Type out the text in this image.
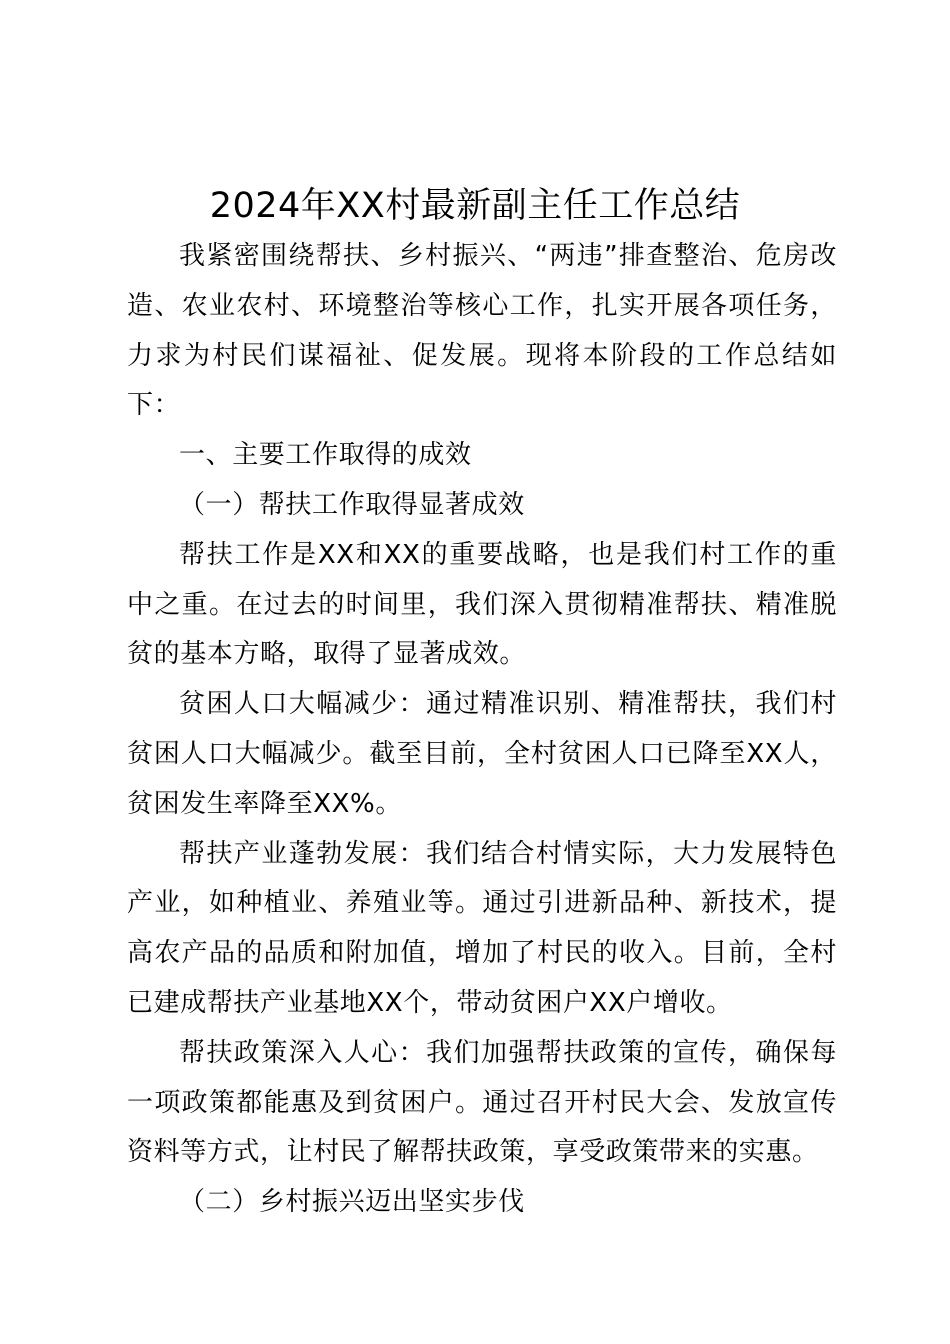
2024年XX村最新副主任工作总结

我紧密围绕帮扶、乡村振兴、“两违”排查整治、危房改造、农业农村、环境整治等核心工作，扎实开展各项任务，力求为村民们谋福祉、促发展。现将本阶段的工作总结如下：

一、主要工作取得的成效

（一）帮扶工作取得显著成效

帮扶工作是XX和XX的重要战略，也是我们村工作的重中之重。在过去的时间里，我们深入贯彻精准帮扶、精准脱贫的基本方略，取得了显著成效。

贫困人口大幅减少：通过精准识别、精准帮扶，我们村贫困人口大幅减少。截至目前，全村贫困人口已降至XX人，贫困发生率降至XX%。

帮扶产业蓬勃发展：我们结合村情实际，大力发展特色产业，如种植业、养殖业等。通过引进新品种、新技术，提高农产品的品质和附加值，增加了村民的收入。目前，全村已建成帮扶产业基地XX个，带动贫困户XX户增收。

帮扶政策深入人心：我们加强帮扶政策的宣传，确保每一项政策都能惠及到贫困户。通过召开村民大会、发放宣传资料等方式，让村民了解帮扶政策，享受政策带来的实惠。

（二）乡村振兴迈出坚实步伐
